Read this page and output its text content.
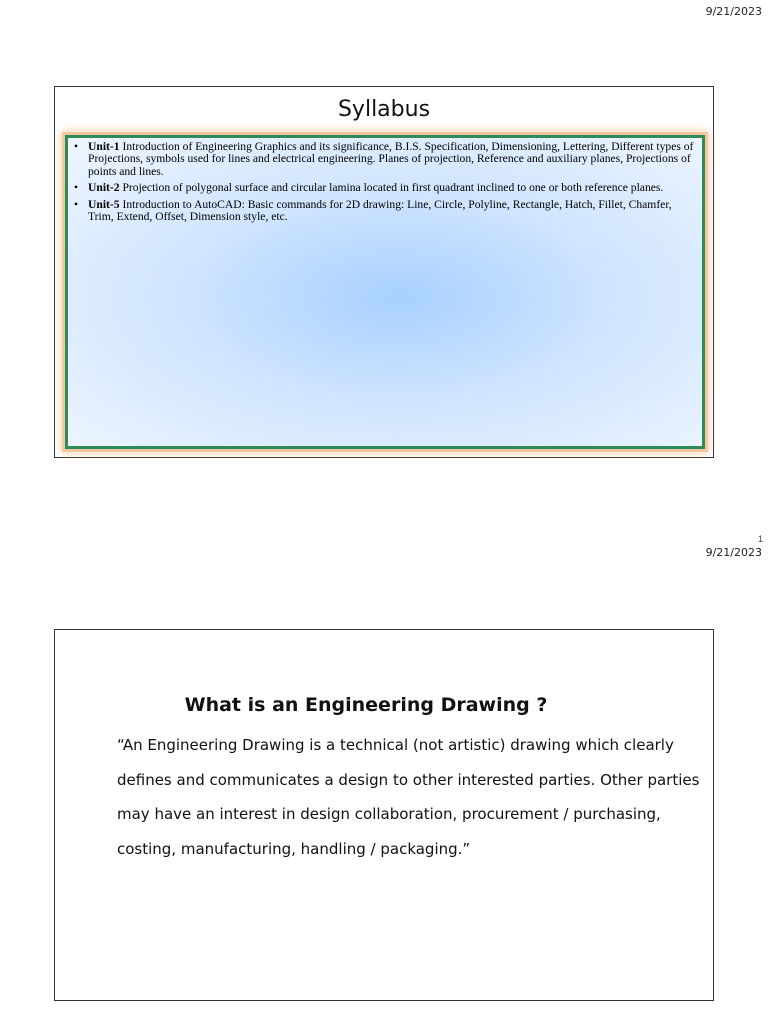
9/21/2023
Syllabus
• Unit-1 Introduction of Engineering Graphics and its significance, B.I.S. Specification, Dimensioning, Lettering, Different types of Projections, symbols used for lines and electrical engineering. Planes of projection, Reference and auxiliary planes, Projections of points and lines.
• Unit-2 Projection of polygonal surface and circular lamina located in first quadrant inclined to one or both reference planes.
• Unit-5 Introduction to AutoCAD: Basic commands for 2D drawing: Line, Circle, Polyline, Rectangle, Hatch, Fillet, Chamfer, Trim, Extend, Offset, Dimension style, etc.
1
9/21/2023
What is an Engineering Drawing ?
“An Engineering Drawing is a technical (not artistic) drawing which clearly defines and communicates a design to other interested parties. Other parties may have an interest in design collaboration, procurement / purchasing, costing, manufacturing, handling / packaging.”
